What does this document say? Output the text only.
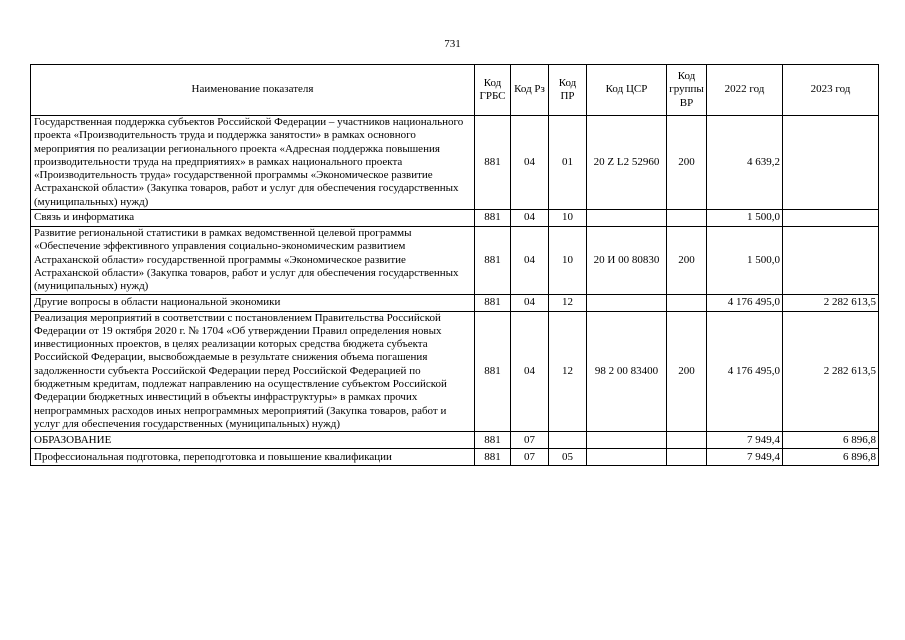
731
Наименование показателя	Код ГРБС	Код Рз	Код ПР	Код ЦСР	Код группы ВР	2022 год	2023 год
Государственная поддержка субъектов Российской Федерации – участников национального проекта «Производительность труда и поддержка занятости» в рамках основного мероприятия по реализации регионального проекта «Адресная поддержка повышения производительности труда на предприятиях» в рамках национального проекта «Производительность труда» государственной программы «Экономическое развитие Астраханской области» (Закупка товаров, работ и услуг для обеспечения государственных (муниципальных) нужд)	881	04	01	20 Z L2 52960	200	4 639,2	
Связь и информатика	881	04	10			1 500,0	
Развитие региональной статистики в рамках ведомственной целевой программы «Обеспечение эффективного управления социально-экономическим развитием Астраханской области» государственной программы «Экономическое развитие Астраханской области» (Закупка товаров, работ и услуг для обеспечения государственных (муниципальных) нужд)	881	04	10	20 И 00 80830	200	1 500,0	
Другие вопросы в области национальной экономики	881	04	12			4 176 495,0	2 282 613,5
Реализация мероприятий в соответствии с постановлением Правительства Российской Федерации от 19 октября 2020 г. № 1704 «Об утверждении Правил определения новых инвестиционных проектов, в целях реализации которых средства бюджета субъекта Российской Федерации, высвобождаемые в результате снижения объема погашения задолженности субъекта Российской Федерации перед Российской Федерацией по бюджетным кредитам, подлежат направлению на осуществление субъектом Российской Федерации бюджетных инвестиций в объекты инфраструктуры» в рамках прочих непрограммных расходов иных непрограммных мероприятий (Закупка товаров, работ и услуг для обеспечения государственных (муниципальных) нужд)	881	04	12	98 2 00 83400	200	4 176 495,0	2 282 613,5
ОБРАЗОВАНИЕ	881	07				7 949,4	6 896,8
Профессиональная подготовка, переподготовка и повышение квалификации	881	07	05			7 949,4	6 896,8
